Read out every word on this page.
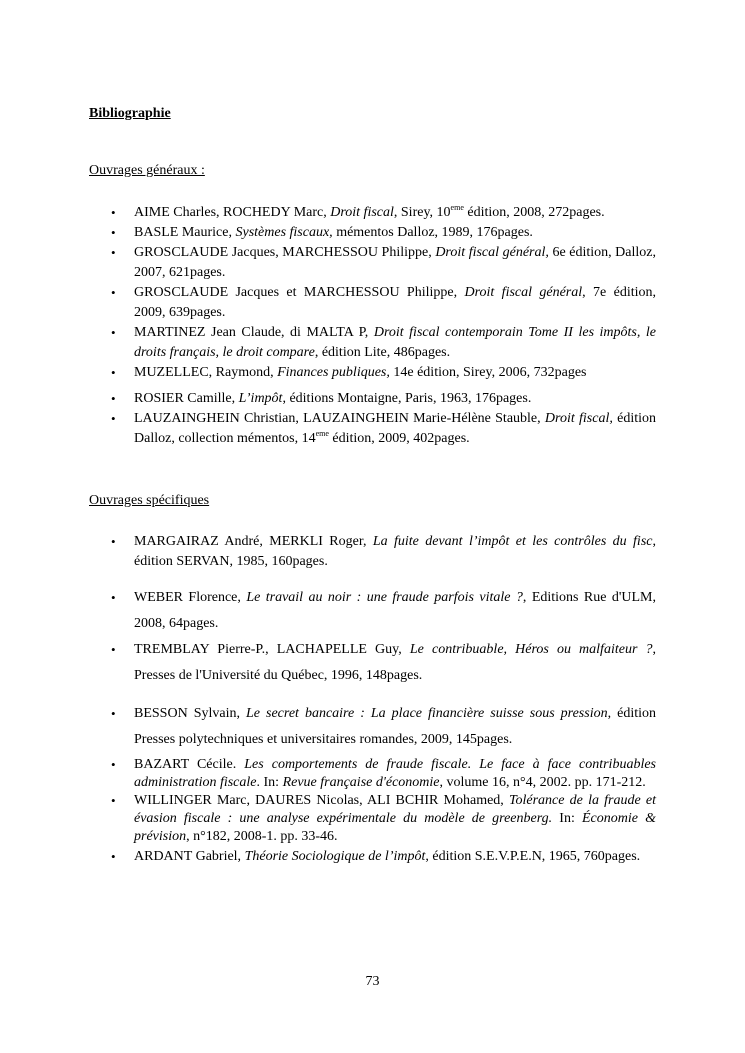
Bibliographie
Ouvrages généraux :
• AIME Charles, ROCHEDY Marc, Droit fiscal, Sirey, 10eme édition, 2008, 272pages.
• BASLE Maurice, Systèmes fiscaux, mémentos Dalloz, 1989, 176pages.
• GROSCLAUDE Jacques, MARCHESSOU Philippe, Droit fiscal général, 6e édition, Dalloz, 2007, 621pages.
• GROSCLAUDE Jacques et MARCHESSOU Philippe, Droit fiscal général, 7e édition, 2009, 639pages.
• MARTINEZ Jean Claude, di MALTA P, Droit fiscal contemporain Tome II les impôts, le droits français, le droit compare, édition Lite, 486pages.
• MUZELLEC, Raymond, Finances publiques, 14e édition, Sirey, 2006, 732pages
• ROSIER Camille, L’impôt, éditions Montaigne, Paris, 1963, 176pages.
• LAUZAINGHEIN Christian, LAUZAINGHEIN Marie-Hélène Stauble, Droit fiscal, édition Dalloz, collection mémentos, 14eme édition, 2009, 402pages.
Ouvrages spécifiques
• MARGAIRAZ André, MERKLI Roger, La fuite devant l’impôt et les contrôles du fisc, édition SERVAN, 1985, 160pages.
• WEBER Florence, Le travail au noir : une fraude parfois vitale ?, Editions Rue d'ULM, 2008, 64pages.
• TREMBLAY Pierre-P., LACHAPELLE Guy, Le contribuable, Héros ou malfaiteur ?, Presses de l'Université du Québec, 1996, 148pages.
• BESSON Sylvain, Le secret bancaire : La place financière suisse sous pression, édition Presses polytechniques et universitaires romandes, 2009, 145pages.
• BAZART Cécile. Les comportements de fraude fiscale. Le face à face contribuables administration fiscale. In: Revue française d'économie, volume 16, n°4, 2002. pp. 171-212.
• WILLINGER Marc, DAURES Nicolas, ALI BCHIR Mohamed, Tolérance de la fraude et évasion fiscale : une analyse expérimentale du modèle de greenberg. In: Économie & prévision, n°182, 2008-1. pp. 33-46.
• ARDANT Gabriel, Théorie Sociologique de l’impôt, édition S.E.V.P.E.N, 1965, 760pages.
73
